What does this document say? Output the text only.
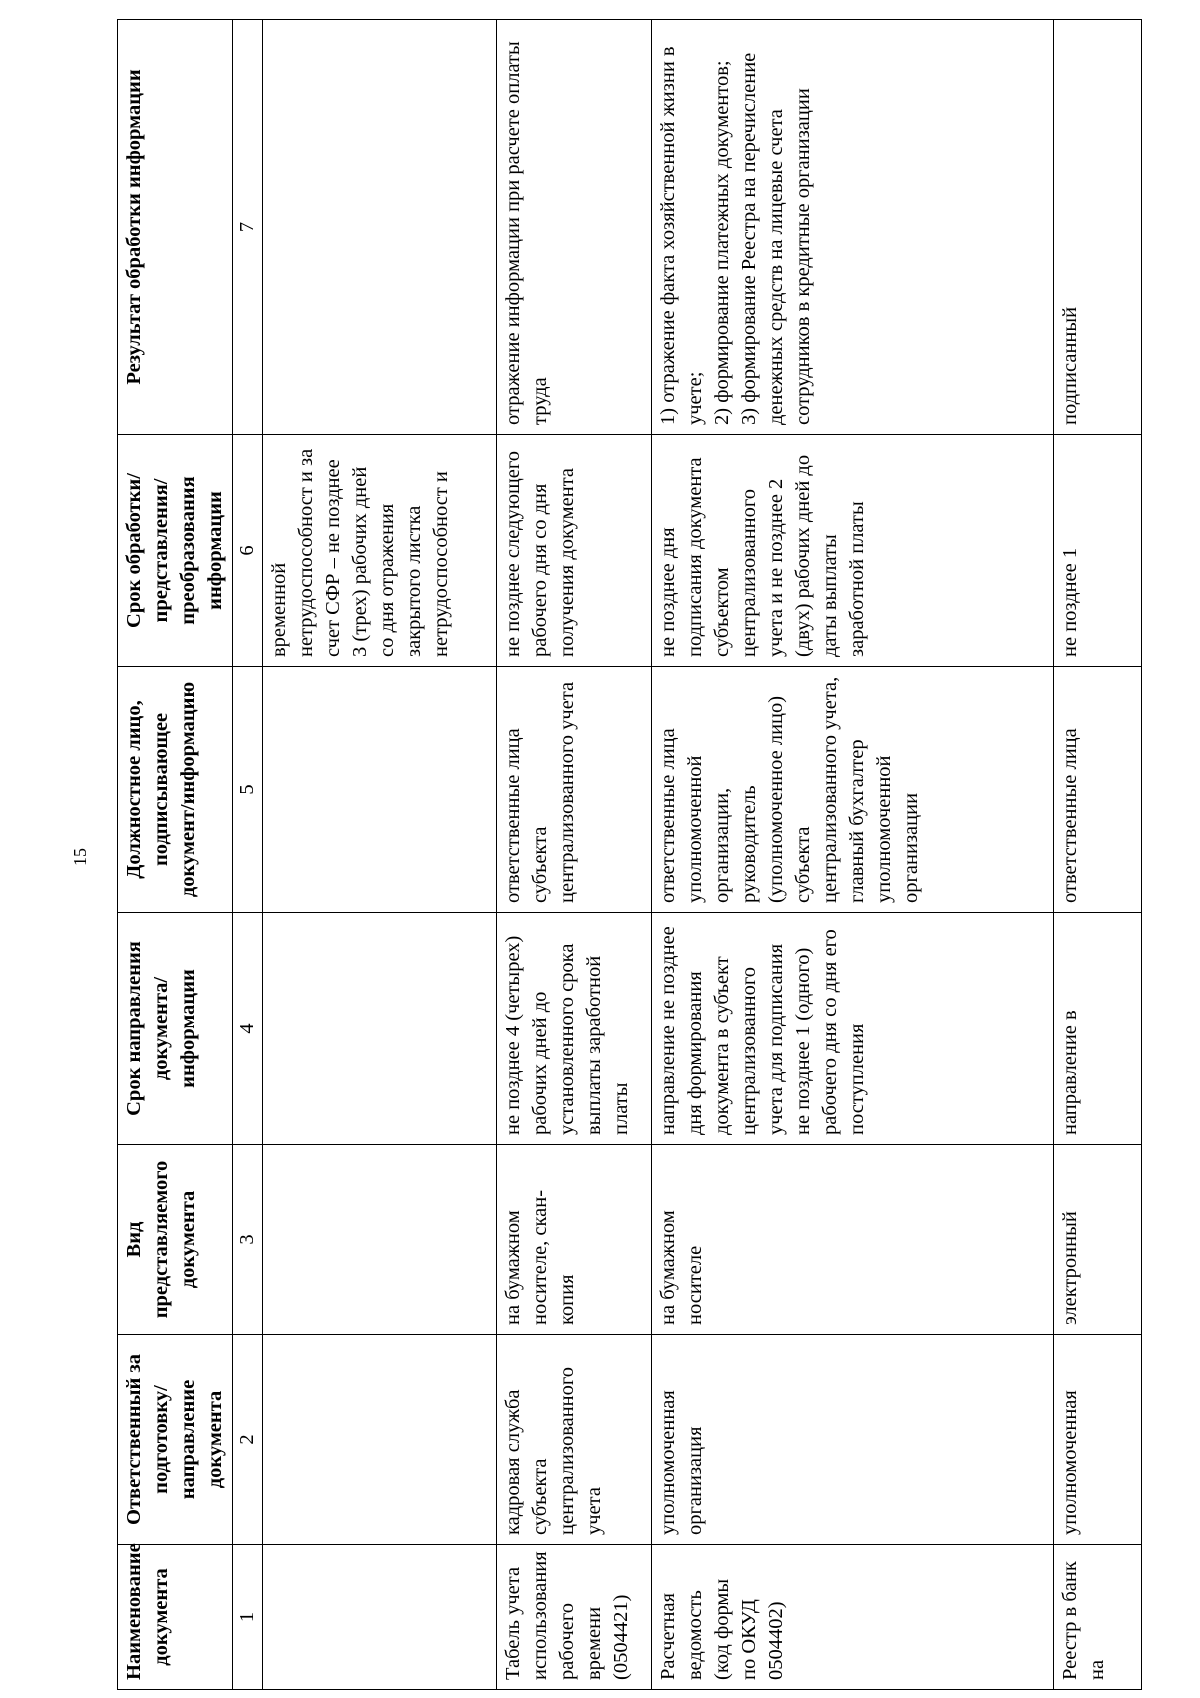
15
Наименование документа	Ответственный за подготовку/ направление документа	Вид представляемого документа	Срок направления документа/ информации	Должностное лицо, подписывающее документ/информацию	Срок обработки/ представления/ преобразования информации	Результат обработки информации
1	2	3	4	5	6	7
					временной нетрудоспособност и за счет СФР – не позднее 3 (трех) рабочих дней со дня отражения закрытого листка нетрудоспособност и	
Табель учета использования рабочего времени (0504421)	кадровая служба субъекта централизованного учета	на бумажном носителе, скан-копия	не позднее 4 (четырех) рабочих дней до установленного срока выплаты заработной платы	ответственные лица субъекта централизованного учета	не позднее следующего рабочего дня со дня получения документа	отражение информации при расчете оплаты труда
Расчетная ведомость (код формы по ОКУД 0504402)	уполномоченная организация	на бумажном носителе	направление не позднее дня формирования документа в субъект централизованного учета для подписания не позднее 1 (одного) рабочего дня со дня его поступления	ответственные лица уполномоченной организации, руководитель (уполномоченное лицо) субъекта централизованного учета, главный бухгалтер уполномоченной организации	не позднее дня подписания документа субъектом централизованного учета и не позднее 2 (двух) рабочих дней до даты выплаты заработной платы	1) отражение факта хозяйственной жизни в учете;
2) формирование платежных документов;
3) формирование Реестра на перечисление денежных средств на лицевые счета сотрудников в кредитные организации
Реестр в банк на	уполномоченная	электронный	направление в	ответственные лица	не позднее 1	подписанный
